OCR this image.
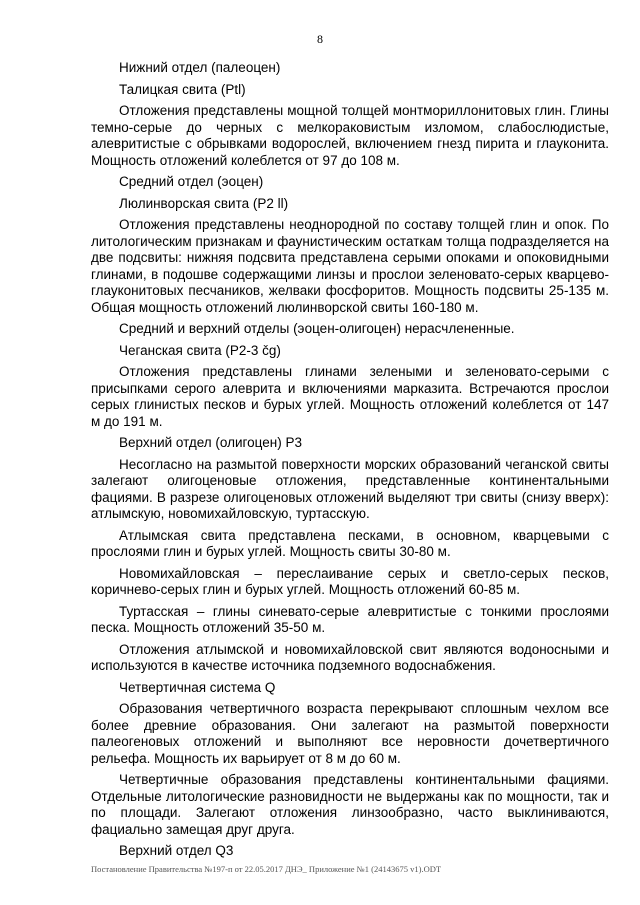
8

Нижний отдел (палеоцен)

Талицкая свита (Ptl)

Отложения представлены мощной толщей монтмориллонитовых глин. Глины темно-серые до черных с мелкораковистым изломом, слабослюдистые, алевритистые с обрывками водорослей, включением гнезд пирита и глауконита. Мощность отложений колеблется от 97 до 108 м.

Средний отдел (эоцен)

Люлинворская свита (P2 ll)

Отложения представлены неоднородной по составу толщей глин и опок. По литологическим признакам и фаунистическим остаткам толща подразделяется на две подсвиты: нижняя подсвита представлена серыми опоками и опоковидными глинами, в подошве содержащими линзы и прослои зеленовато-серых кварцево-глауконитовых песчаников, желваки фосфоритов. Мощность подсвиты 25-135 м. Общая мощность отложений люлинворской свиты 160-180 м.

Средний и верхний отделы (эоцен-олигоцен) нерасчлененные.

Чеганская свита (P2-3 čg)

Отложения представлены глинами зелеными и зеленовато-серыми с присыпками серого алеврита и включениями марказита. Встречаются прослои серых глинистых песков и бурых углей. Мощность отложений колеблется от 147 м до 191 м.

Верхний отдел (олигоцен) P3

Несогласно на размытой поверхности морских образований чеганской свиты залегают олигоценовые отложения, представленные континентальными фациями. В разрезе олигоценовых отложений выделяют три свиты (снизу вверх): атлымскую, новомихайловскую, туртасскую.

Атлымская свита представлена песками, в основном, кварцевыми с прослоями глин и бурых углей. Мощность свиты 30-80 м.

Новомихайловская – переслаивание серых и светло-серых песков, коричнево-серых глин и бурых углей. Мощность отложений 60-85 м.

Туртасская – глины синевато-серые алевритистые с тонкими прослоями песка. Мощность отложений 35-50 м.

Отложения атлымской и новомихайловской свит являются водоносными и используются в качестве источника подземного водоснабжения.

Четвертичная система Q

Образования четвертичного возраста перекрывают сплошным чехлом все более древние образования. Они залегают на размытой поверхности палеогеновых отложений и выполняют все неровности дочетвертичного рельефа. Мощность их варьирует от 8 м до 60 м.

Четвертичные образования представлены континентальными фациями. Отдельные литологические разновидности не выдержаны как по мощности, так и по площади. Залегают отложения линзообразно, часто выклиниваются, фациально замещая друг друга.

Верхний отдел Q3

Постановление Правительства №197-п от 22.05.2017 ДНЭ_ Приложение №1 (24143675 v1).ODT
